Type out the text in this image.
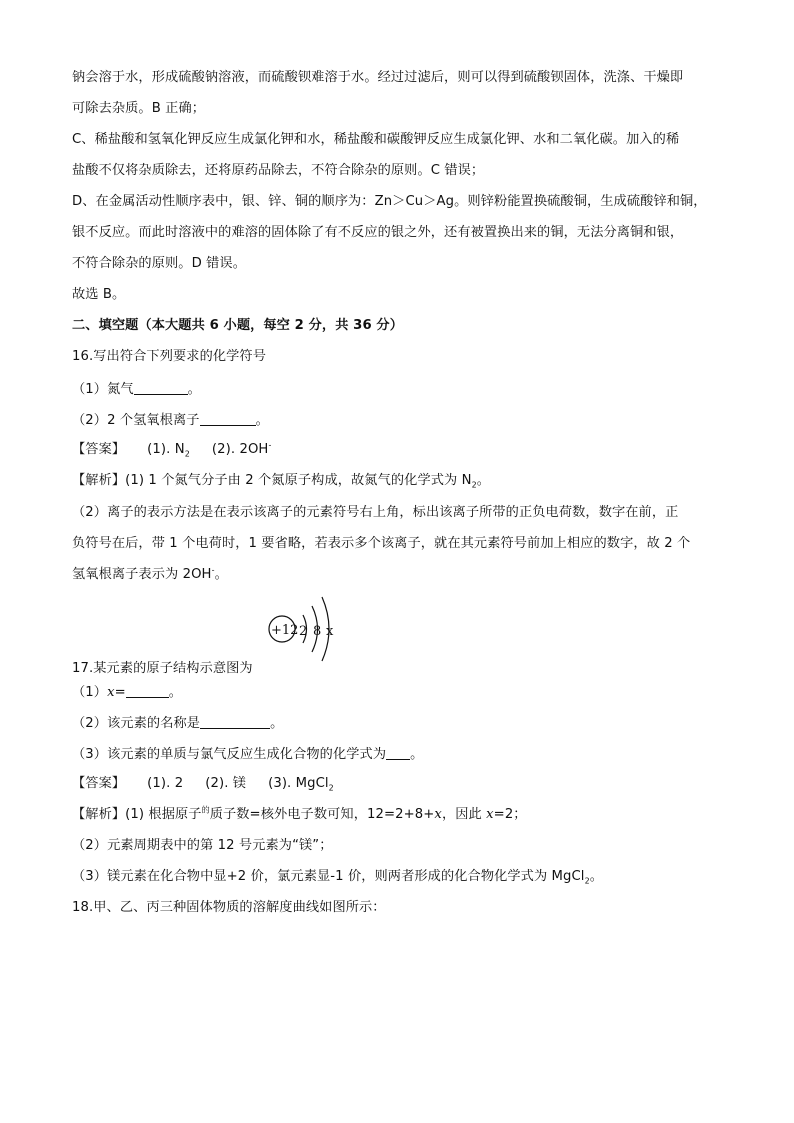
钠会溶于水，形成硫酸钠溶液，而硫酸钡难溶于水。经过过滤后，则可以得到硫酸钡固体，洗涤、干燥即
可除去杂质。B 正确；
C、稀盐酸和氢氧化钾反应生成氯化钾和水，稀盐酸和碳酸钾反应生成氯化钾、水和二氧化碳。加入的稀
盐酸不仅将杂质除去，还将原药品除去，不符合除杂的原则。C 错误；
D、在金属活动性顺序表中，银、锌、铜的顺序为：Zn＞Cu＞Ag。则锌粉能置换硫酸铜，生成硫酸锌和铜，
银不反应。而此时溶液中的难溶的固体除了有不反应的银之外，还有被置换出来的铜，无法分离铜和银，
不符合除杂的原则。D 错误。
故选 B。
二、填空题（本大题共 6 小题，每空 2 分，共 36 分）
16.写出符合下列要求的化学符号
（1）氮气	。
（2）2 个氢氧根离子	。
【答案】 (1). $N_2$ (2). 2OH-
【解析】(1) 1 个氮气分子由 2 个氮原子构成，故氮气的化学式为 $N_2$。
（2）离子的表示方法是在表示该离子的元素符号右上角，标出该离子所带的正负电荷数，数字在前，正
负符号在后，带 1 个电荷时，1 要省略，若表示多个该离子，就在其元素符号前加上相应的数字，故 2 个
氢氧根离子表示为 2OH-。
+12 2 8 x
17.某元素的原子结构示意图为
（1）x=	。
（2）该元素的名称是	。
（3）该元素的单质与氯气反应生成化合物的化学式为 。
【答案】 (1). 2 (2). 镁 (3). MgCl$_2$
【解析】(1) 根据原子$^的$质子数=核外电子数可知，12=2+8+x，因此 x=2；
（2）元素周期表中的第 12 号元素为“镁”；
（3）镁元素在化合物中显+2 价，氯元素显-1 价，则两者形成的化合物化学式为 MgCl$_2$。
18.甲、乙、丙三种固体物质的溶解度曲线如图所示：
